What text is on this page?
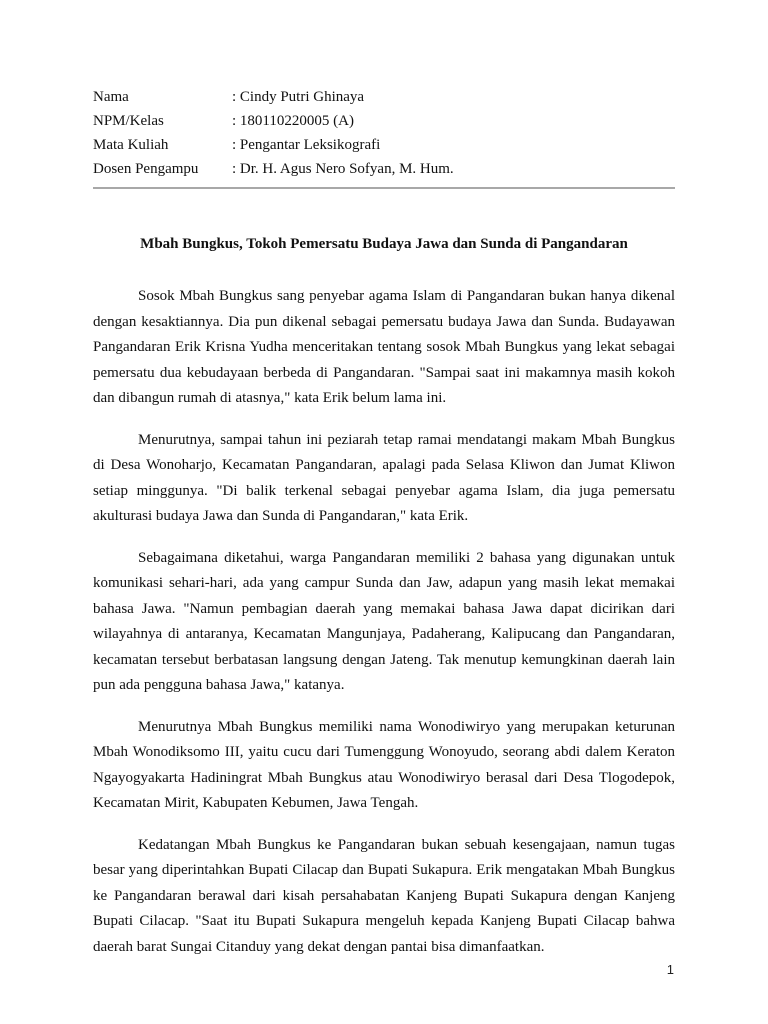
Nama	: Cindy Putri Ghinaya
NPM/Kelas	: 180110220005 (A)
Mata Kuliah	: Pengantar Leksikografi
Dosen Pengampu	: Dr. H. Agus Nero Sofyan, M. Hum.
Mbah Bungkus, Tokoh Pemersatu Budaya Jawa dan Sunda di Pangandaran

Sosok Mbah Bungkus sang penyebar agama Islam di Pangandaran bukan hanya dikenal dengan kesaktiannya. Dia pun dikenal sebagai pemersatu budaya Jawa dan Sunda. Budayawan Pangandaran Erik Krisna Yudha menceritakan tentang sosok Mbah Bungkus yang lekat sebagai pemersatu dua kebudayaan berbeda di Pangandaran. "Sampai saat ini makamnya masih kokoh dan dibangun rumah di atasnya," kata Erik belum lama ini.

Menurutnya, sampai tahun ini peziarah tetap ramai mendatangi makam Mbah Bungkus di Desa Wonoharjo, Kecamatan Pangandaran, apalagi pada Selasa Kliwon dan Jumat Kliwon setiap minggunya. "Di balik terkenal sebagai penyebar agama Islam, dia juga pemersatu akulturasi budaya Jawa dan Sunda di Pangandaran," kata Erik.

Sebagaimana diketahui, warga Pangandaran memiliki 2 bahasa yang digunakan untuk komunikasi sehari-hari, ada yang campur Sunda dan Jaw, adapun yang masih lekat memakai bahasa Jawa. "Namun pembagian daerah yang memakai bahasa Jawa dapat dicirikan dari wilayahnya di antaranya, Kecamatan Mangunjaya, Padaherang, Kalipucang dan Pangandaran, kecamatan tersebut berbatasan langsung dengan Jateng. Tak menutup kemungkinan daerah lain pun ada pengguna bahasa Jawa," katanya.

Menurutnya Mbah Bungkus memiliki nama Wonodiwiryo yang merupakan keturunan Mbah Wonodiksomo III, yaitu cucu dari Tumenggung Wonoyudo, seorang abdi dalem Keraton Ngayogyakarta Hadiningrat Mbah Bungkus atau Wonodiwiryo berasal dari Desa Tlogodepok, Kecamatan Mirit, Kabupaten Kebumen, Jawa Tengah.

Kedatangan Mbah Bungkus ke Pangandaran bukan sebuah kesengajaan, namun tugas besar yang diperintahkan Bupati Cilacap dan Bupati Sukapura. Erik mengatakan Mbah Bungkus ke Pangandaran berawal dari kisah persahabatan Kanjeng Bupati Sukapura dengan Kanjeng Bupati Cilacap. "Saat itu Bupati Sukapura mengeluh kepada Kanjeng Bupati Cilacap bahwa daerah barat Sungai Citanduy yang dekat dengan pantai bisa dimanfaatkan.

1
